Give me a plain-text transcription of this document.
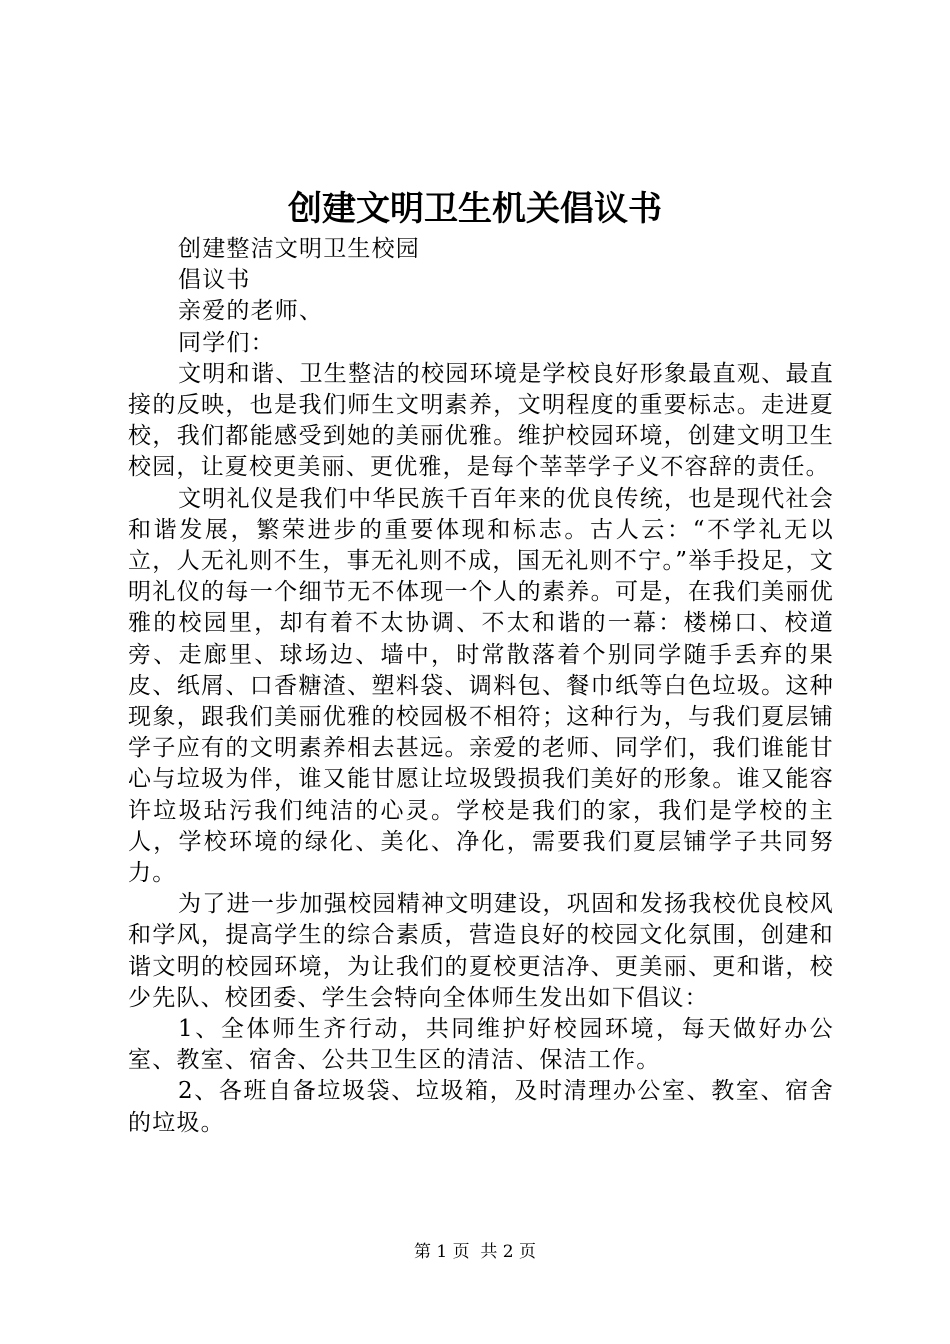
创建文明卫生机关倡议书

创建整洁文明卫生校园

倡议书

亲爱的老师、

同学们：

文明和谐、卫生整洁的校园环境是学校良好形象最直观、最直接的反映，也是我们师生文明素养，文明程度的重要标志。走进夏校，我们都能感受到她的美丽优雅。维护校园环境，创建文明卫生校园，让夏校更美丽、更优雅，是每个莘莘学子义不容辞的责任。

文明礼仪是我们中华民族千百年来的优良传统，也是现代社会和谐发展，繁荣进步的重要体现和标志。古人云：“不学礼无以立，人无礼则不生，事无礼则不成，国无礼则不宁。”举手投足，文明礼仪的每一个细节无不体现一个人的素养。可是，在我们美丽优雅的校园里，却有着不太协调、不太和谐的一幕：楼梯口、校道旁、走廊里、球场边、墙中，时常散落着个别同学随手丢弃的果皮、纸屑、口香糖渣、塑料袋、调料包、餐巾纸等白色垃圾。这种现象，跟我们美丽优雅的校园极不相符；这种行为，与我们夏层铺学子应有的文明素养相去甚远。亲爱的老师、同学们，我们谁能甘心与垃圾为伴，谁又能甘愿让垃圾毁损我们美好的形象。谁又能容许垃圾玷污我们纯洁的心灵。学校是我们的家，我们是学校的主人，学校环境的绿化、美化、净化，需要我们夏层铺学子共同努力。

为了进一步加强校园精神文明建设，巩固和发扬我校优良校风和学风，提高学生的综合素质，营造良好的校园文化氛围，创建和谐文明的校园环境，为让我们的夏校更洁净、更美丽、更和谐，校少先队、校团委、学生会特向全体师生发出如下倡议：

1、全体师生齐行动，共同维护好校园环境，每天做好办公室、教室、宿舍、公共卫生区的清洁、保洁工作。

2、各班自备垃圾袋、垃圾箱，及时清理办公室、教室、宿舍的垃圾。

第 1 页  共 2 页
